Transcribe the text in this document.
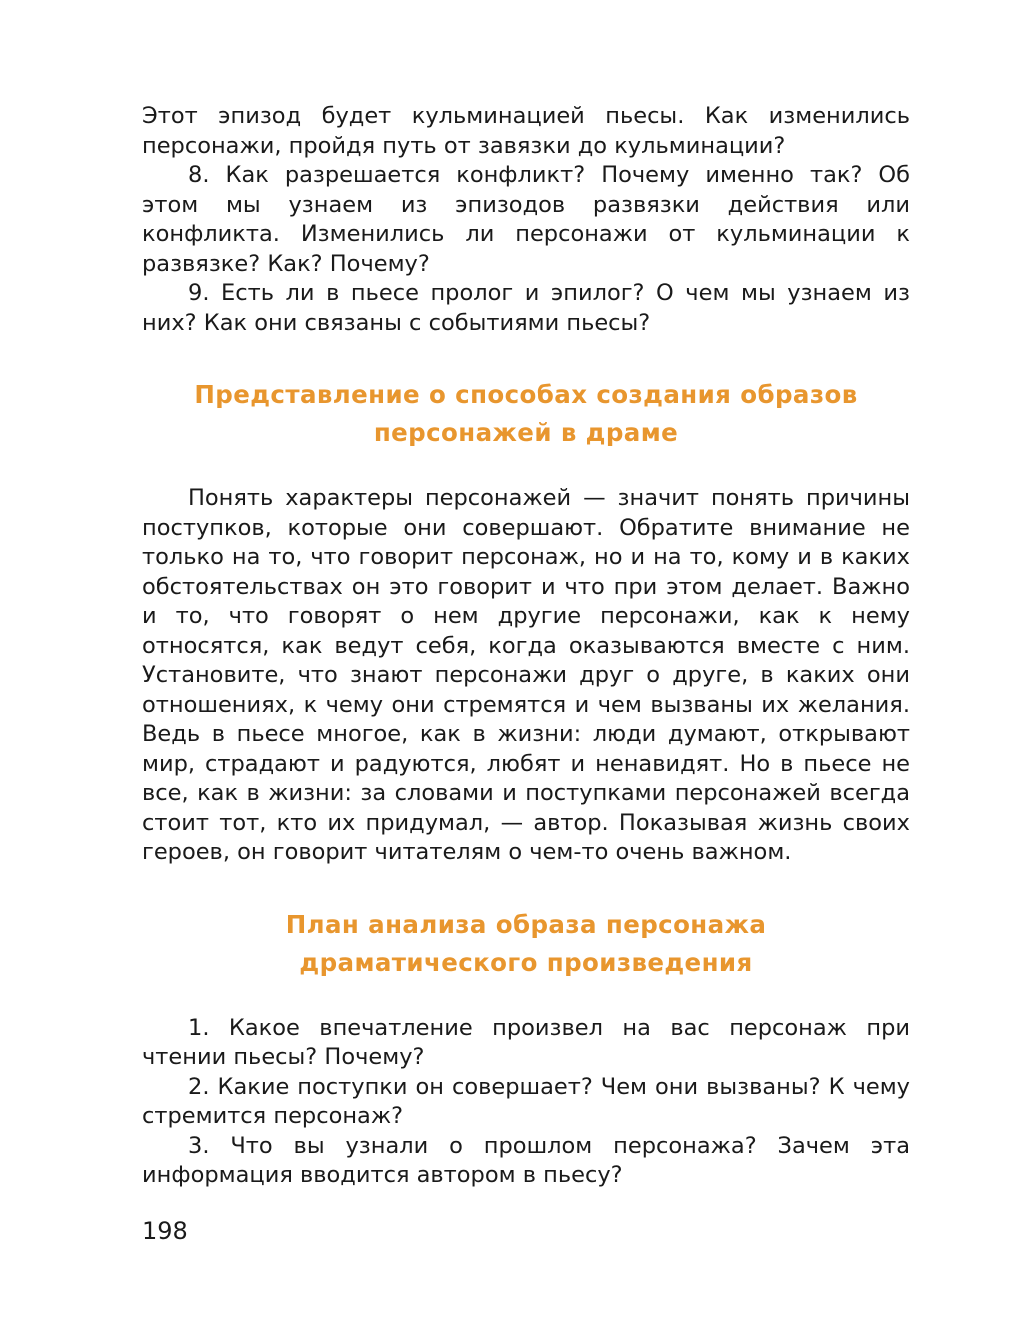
Этот эпизод будет кульминацией пьесы. Как изменились персонажи, пройдя путь от завязки до кульминации?

8. Как разрешается конфликт? Почему именно так? Об этом мы узнаем из эпизодов развязки действия или конфликта. Изменились ли персонажи от кульминации к развязке? Как? Почему?

9. Есть ли в пьесе пролог и эпилог? О чем мы узнаем из них? Как они связаны с событиями пьесы?

Представление о способах создания образов
персонажей в драме

Понять характеры персонажей — значит понять причины поступков, которые они совершают. Обратите внимание не только на то, что говорит персонаж, но и на то, кому и в каких обстоятельствах он это говорит и что при этом делает. Важно и то, что говорят о нем другие персонажи, как к нему относятся, как ведут себя, когда оказываются вместе с ним. Установите, что знают персонажи друг о друге, в каких они отношениях, к чему они стремятся и чем вызваны их желания. Ведь в пьесе многое, как в жизни: люди думают, открывают мир, страдают и радуются, любят и ненавидят. Но в пьесе не все, как в жизни: за словами и поступками персонажей всегда стоит тот, кто их придумал, — автор. Показывая жизнь своих героев, он говорит читателям о чем-то очень важном.

План анализа образа персонажа
драматического произведения

1. Какое впечатление произвел на вас персонаж при чтении пьесы? Почему?

2. Какие поступки он совершает? Чем они вызваны? К чему стремится персонаж?

3. Что вы узнали о прошлом персонажа? Зачем эта информация вводится автором в пьесу?

198
